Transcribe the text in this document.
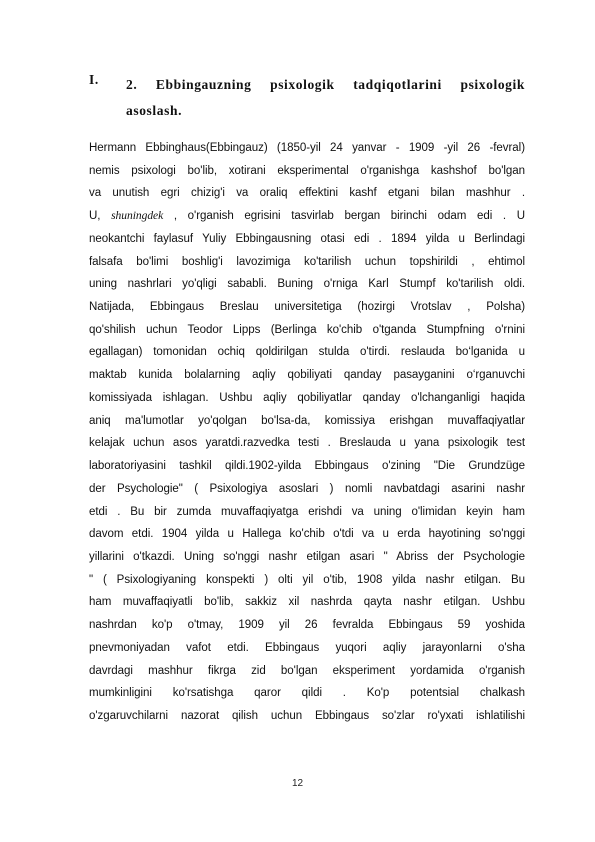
I. 2. Ebbingauzning psixologik tadqiqotlarini psixologik asoslash.
Hermann Ebbinghaus(Ebbingauz) (1850-yil 24 yanvar - 1909 -yil 26 -fevral)
nemis psixologi bo'lib, xotirani eksperimental o'rganishga kashshof bo'lgan
va unutish egri chizig'i va oraliq effektini kashf etgani bilan mashhur .
U, shuningdek , o'rganish egrisini tasvirlab bergan birinchi odam edi . U
neokantchi faylasuf Yuliy Ebbingausning otasi edi . 1894 yilda u Berlindagi
falsafa bo'limi boshlig'i lavozimiga ko'tarilish uchun topshirildi , ehtimol
uning nashrlari yo'qligi sababli. Buning o'rniga Karl Stumpf ko'tarilish oldi.
Natijada, Ebbingaus Breslau universitetiga (hozirgi Vrotslav , Polsha)
qo'shilish uchun Teodor Lipps (Berlinga ko'chib o'tganda Stumpfning o'rnini
egallagan) tomonidan ochiq qoldirilgan stulda o'tirdi. reslauda bo‘lganida u
maktab kunida bolalarning aqliy qobiliyati qanday pasayganini o‘rganuvchi
komissiyada ishlagan. Ushbu aqliy qobiliyatlar qanday o'lchanganligi haqida
aniq ma'lumotlar yo'qolgan bo'lsa-da, komissiya erishgan muvaffaqiyatlar
kelajak uchun asos yaratdi.razvedka testi . Breslauda u yana psixologik test
laboratoriyasini tashkil qildi.1902-yilda Ebbingaus o'zining "Die Grundzüge
der Psychologie" ( Psixologiya asoslari ) nomli navbatdagi asarini nashr
etdi . Bu bir zumda muvaffaqiyatga erishdi va uning o'limidan keyin ham
davom etdi. 1904 yilda u Hallega ko'chib o'tdi va u erda hayotining so'nggi
yillarini o'tkazdi. Uning so'nggi nashr etilgan asari " Abriss der Psychologie
" ( Psixologiyaning konspekti ) olti yil o'tib, 1908 yilda nashr etilgan. Bu
ham muvaffaqiyatli bo'lib, sakkiz xil nashrda qayta nashr etilgan. Ushbu
nashrdan ko'p o'tmay, 1909 yil 26 fevralda Ebbingaus 59 yoshida
pnevmoniyadan vafot etdi. Ebbingaus yuqori aqliy jarayonlarni o'sha
davrdagi mashhur fikrga zid bo'lgan eksperiment yordamida o'rganish
mumkinligini ko'rsatishga qaror qildi . Ko'p potentsial chalkash
o'zgaruvchilarni nazorat qilish uchun Ebbingaus so'zlar ro'yxati ishlatilishi
12
